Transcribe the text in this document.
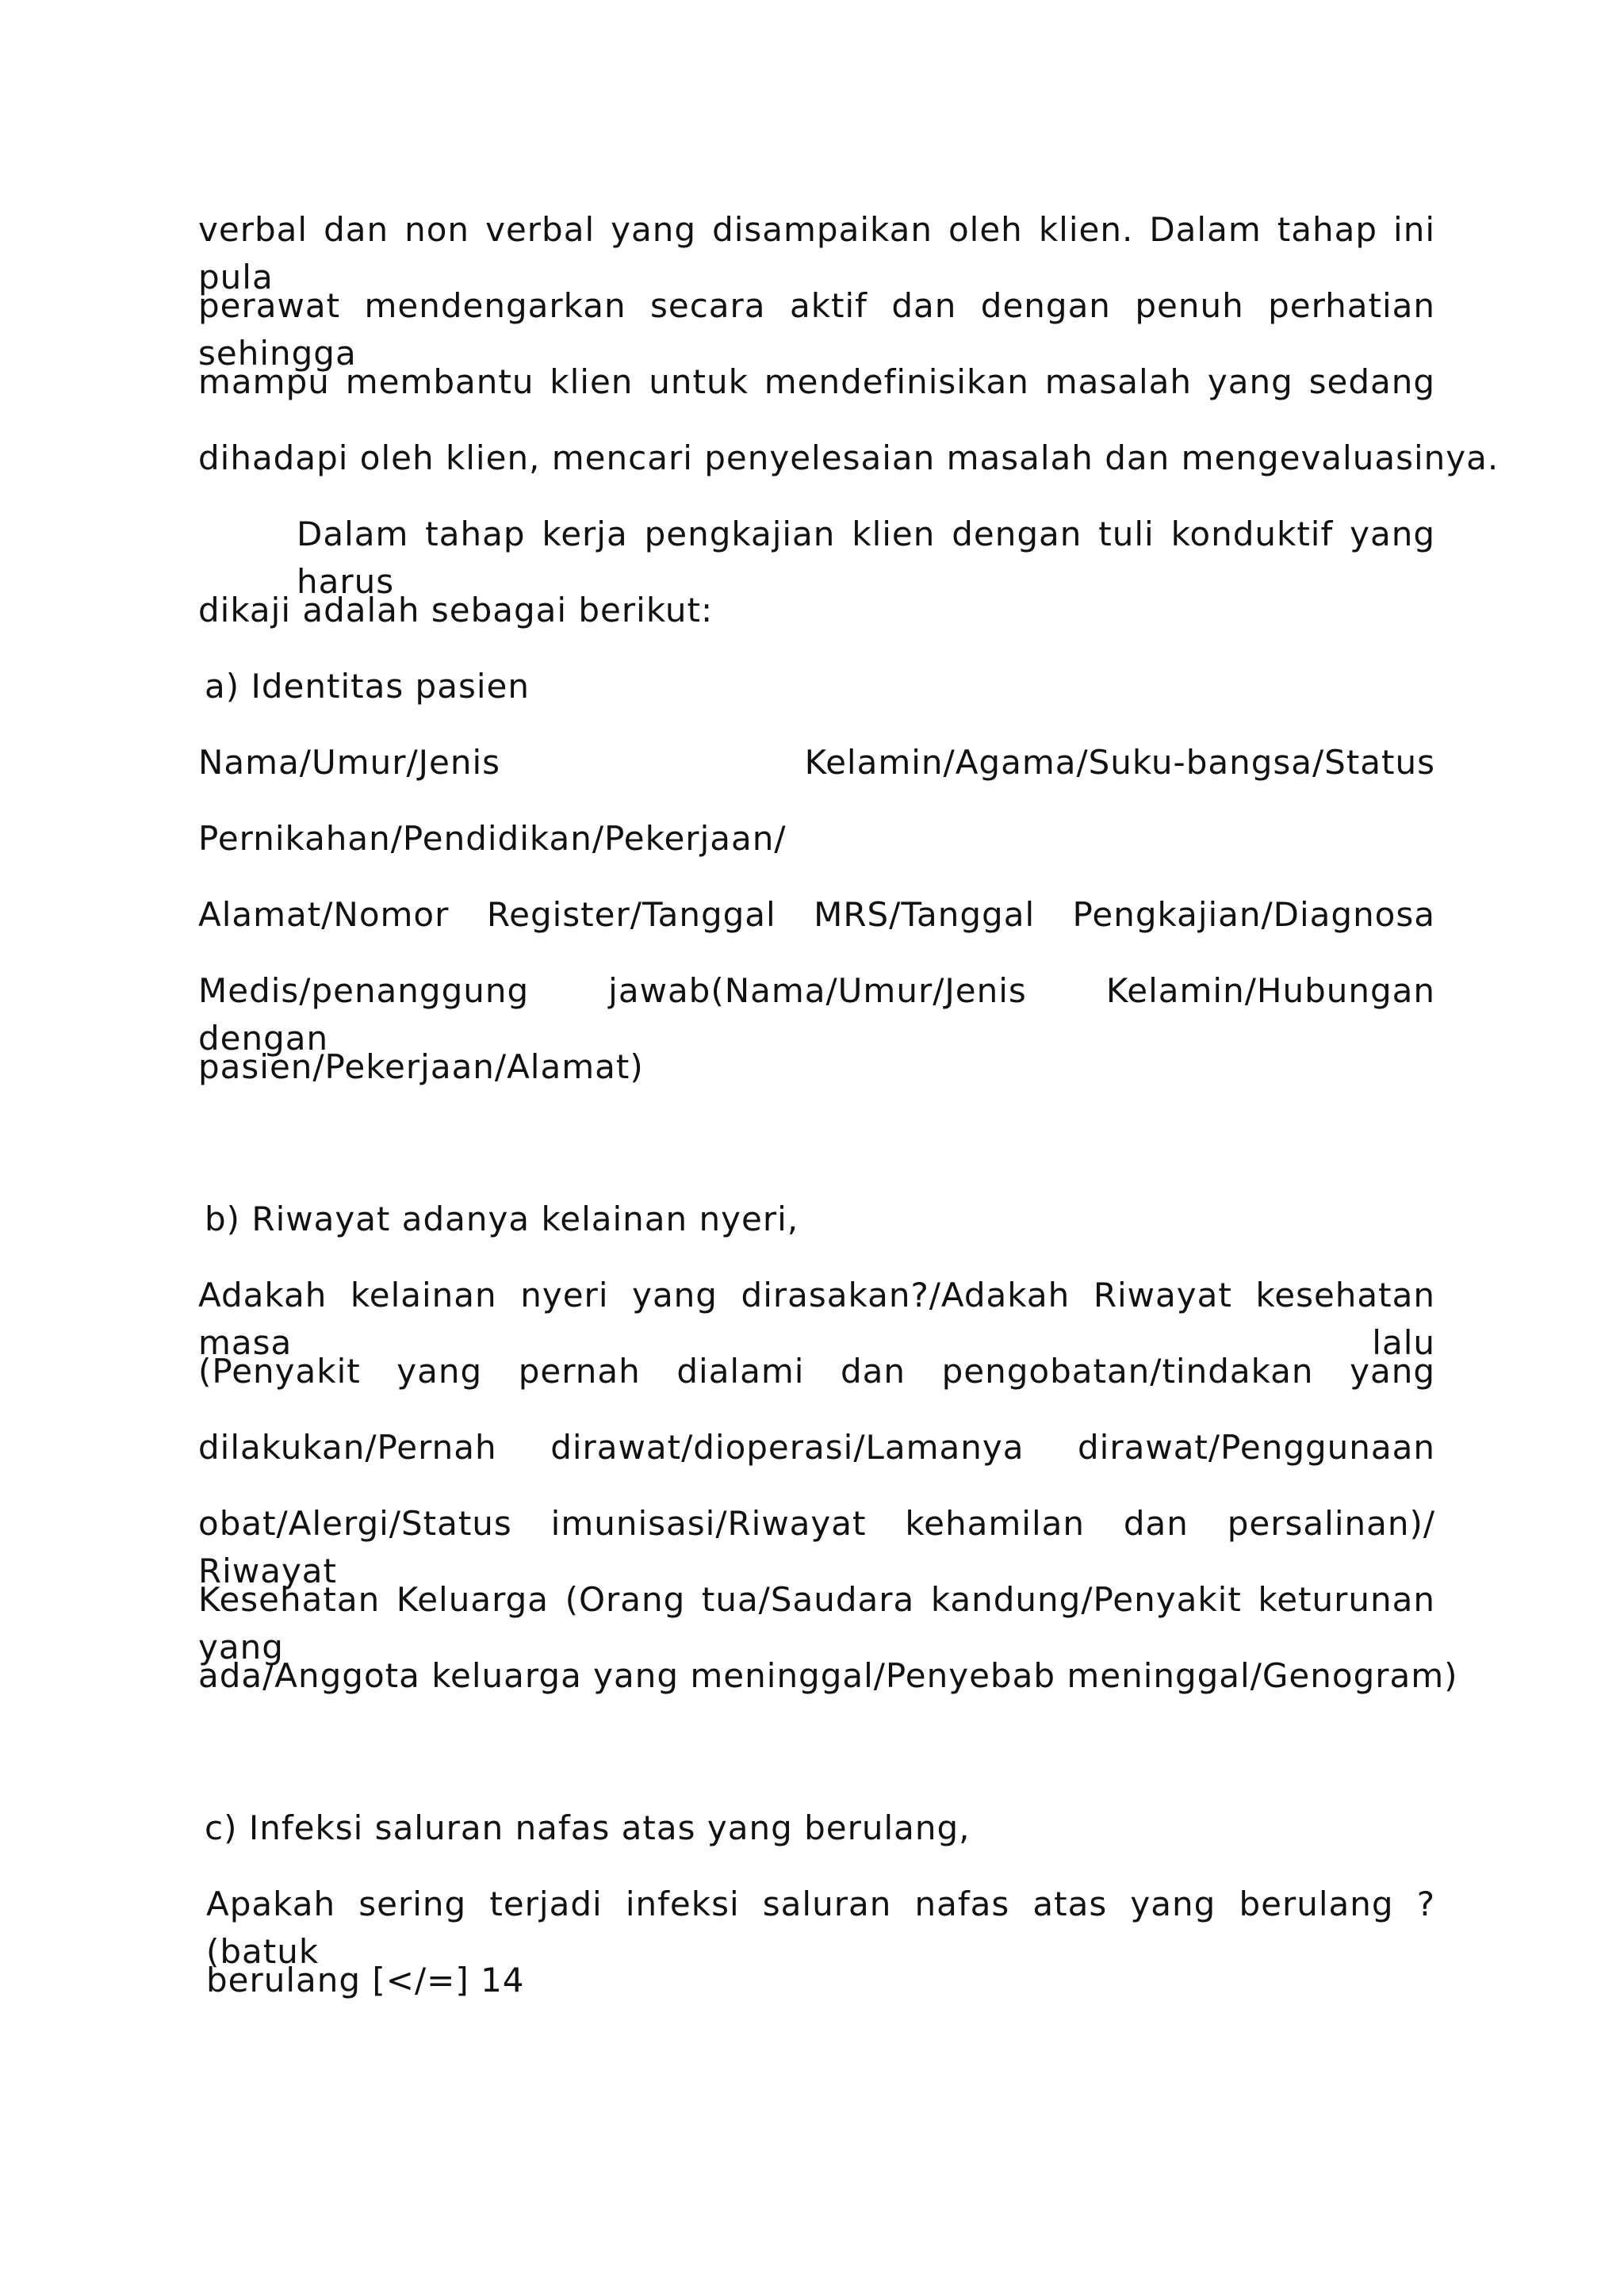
verbal dan non verbal yang disampaikan oleh klien. Dalam tahap ini pula
perawat mendengarkan secara aktif dan dengan penuh perhatian sehingga
mampu membantu klien untuk mendefinisikan masalah yang sedang
dihadapi oleh klien, mencari penyelesaian masalah dan mengevaluasinya.
Dalam tahap kerja pengkajian klien dengan tuli konduktif yang harus
dikaji adalah sebagai berikut:
a) Identitas pasien
Nama/Umur/Jenis Kelamin/Agama/Suku-bangsa/Status
Pernikahan/Pendidikan/Pekerjaan/
Alamat/Nomor Register/Tanggal MRS/Tanggal Pengkajian/Diagnosa
Medis/penanggung jawab(Nama/Umur/Jenis Kelamin/Hubungan dengan
pasien/Pekerjaan/Alamat)
b) Riwayat adanya kelainan nyeri,
Adakah kelainan nyeri yang dirasakan?/Adakah Riwayat kesehatan masa lalu
(Penyakit yang pernah dialami dan pengobatan/tindakan yang
dilakukan/Pernah dirawat/dioperasi/Lamanya dirawat/Penggunaan
obat/Alergi/Status imunisasi/Riwayat kehamilan dan persalinan)/ Riwayat
Kesehatan Keluarga (Orang tua/Saudara kandung/Penyakit keturunan yang
ada/Anggota keluarga yang meninggal/Penyebab meninggal/Genogram)
c) Infeksi saluran nafas atas yang berulang,
Apakah sering terjadi infeksi saluran nafas atas yang berulang ? (batuk
berulang [</=] 14
